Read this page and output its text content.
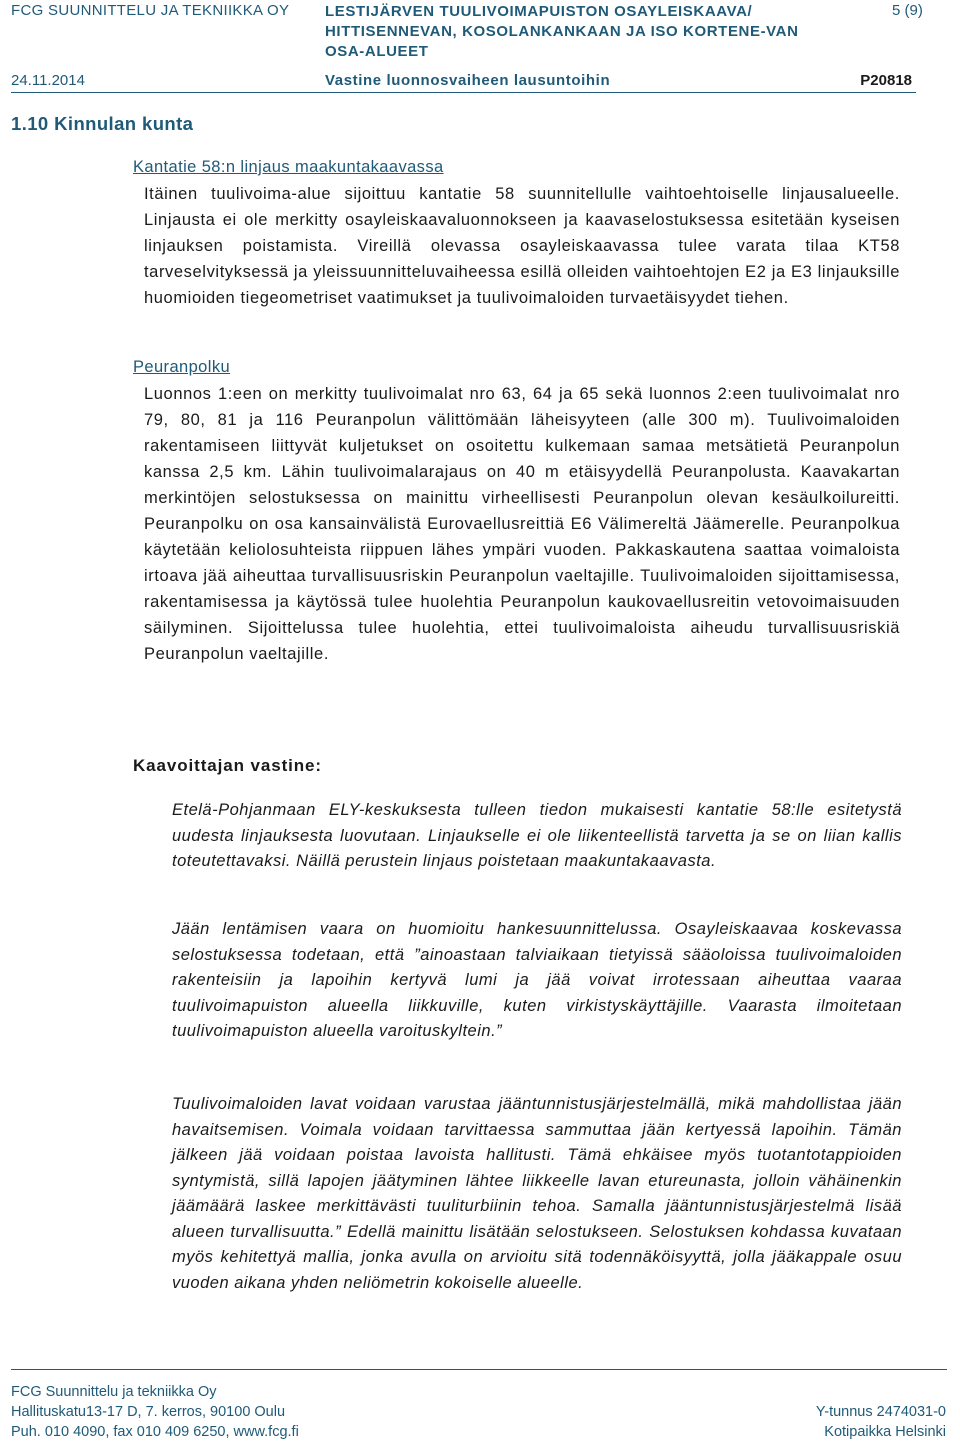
FCG SUUNNITTELU JA TEKNIIKKA OY LESTIJÄRVEN TUULIVOIMAPUISTON OSAYLEISKAAVA/ HITTISENNEVAN, KOSOLANKANKAAN JA ISO KORTENE-VAN OSA-ALUEET
5 (9)
24.11.2014	Vastine luonnosvaiheen lausuntoihin	P20818
1.10 Kinnulan kunta
Kantatie 58:n linjaus maakuntakaavassa

Itäinen tuulivoima-alue sijoittuu kantatie 58 suunnitellulle vaihtoehtoiselle linjausalueelle. Linjausta ei ole merkitty osayleiskaavaluonnokseen ja kaavaselostuksessa esitetään kyseisen linjauksen poistamista. Vireillä olevassa osayleiskaavassa tulee varata tilaa KT58 tarveselvityksessä ja yleissuunnitteluvaiheessa esillä olleiden vaihtoehtojen E2 ja E3 linjauksille huomioiden tiegeometriset vaatimukset ja tuulivoimaloiden turvaetäisyydet tiehen.

Peuranpolku

Luonnos 1:een on merkitty tuulivoimalat nro 63, 64 ja 65 sekä luonnos 2:een tuulivoimalat nro 79, 80, 81 ja 116 Peuranpolun välittömään läheisyyteen (alle 300 m). Tuulivoimaloiden rakentamiseen liittyvät kuljetukset on osoitettu kulkemaan samaa metsätietä Peuranpolun kanssa 2,5 km. Lähin tuulivoimalarajaus on 40 m etäisyydellä Peuranpolusta. Kaavakartan merkintöjen selostuksessa on mainittu virheellisesti Peuranpolun olevan kesäulkoilureitti. Peuranpolku on osa kansainvälistä Eurovaellusreittiä E6 Välimereltä Jäämerelle. Peuranpolkua käytetään keliolosuhteista riippuen lähes ympäri vuoden. Pakkaskautena saattaa voimaloista irtoava jää aiheuttaa turvallisuusriskin Peuranpolun vaeltajille. Tuulivoimaloiden sijoittamisessa, rakentamisessa ja käytössä tulee huolehtia Peuranpolun kaukovaellusreitin vetovoimaisuuden säilyminen. Sijoittelussa tulee huolehtia, ettei tuulivoimaloista aiheudu turvallisuusriskiä Peuranpolun vaeltajille.

Kaavoittajan vastine:

Etelä-Pohjanmaan ELY-keskuksesta tulleen tiedon mukaisesti kantatie 58:lle esitetystä uudesta linjauksesta luovutaan. Linjaukselle ei ole liikenteellistä tarvetta ja se on liian kallis toteutettavaksi. Näillä perustein linjaus poistetaan maakuntakaavasta.

Jään lentämisen vaara on huomioitu hankesuunnittelussa. Osayleiskaavaa koskevassa selostuksessa todetaan, että ”ainoastaan talviaikaan tietyissä sääoloissa tuulivoimaloiden rakenteisiin ja lapoihin kertyvä lumi ja jää voivat irrotessaan aiheuttaa vaaraa tuulivoimapuiston alueella liikkuville, kuten virkistyskäyttäjille. Vaarasta ilmoitetaan tuulivoimapuiston alueella varoituskyltein.”

Tuulivoimaloiden lavat voidaan varustaa jääntunnistusjärjestelmällä, mikä mahdollistaa jään havaitsemisen. Voimala voidaan tarvittaessa sammuttaa jään kertyessä lapoihin. Tämän jälkeen jää voidaan poistaa lavoista hallitusti. Tämä ehkäisee myös tuotantotappioiden syntymistä, sillä lapojen jäätyminen lähtee liikkeelle lavan etureunasta, jolloin vähäinenkin jäämäärä laskee merkittävästi tuuliturbiinin tehoa. Samalla jääntunnistusjärjestelmä lisää alueen turvallisuutta.” Edellä mainittu lisätään selostukseen. Selostuksen kohdassa kuvataan myös kehitettyä mallia, jonka avulla on arvioitu sitä todennäköisyyttä, jolla jääkappale osuu vuoden aikana yhden neliömetrin kokoiselle alueelle.

FCG Suunnittelu ja tekniikka Oy
Hallituskatu13-17 D, 7. kerros, 90100 Oulu
Puh. 010 4090, fax 010 409 6250, www.fcg.fi
Y-tunnus 2474031-0
Kotipaikka Helsinki
